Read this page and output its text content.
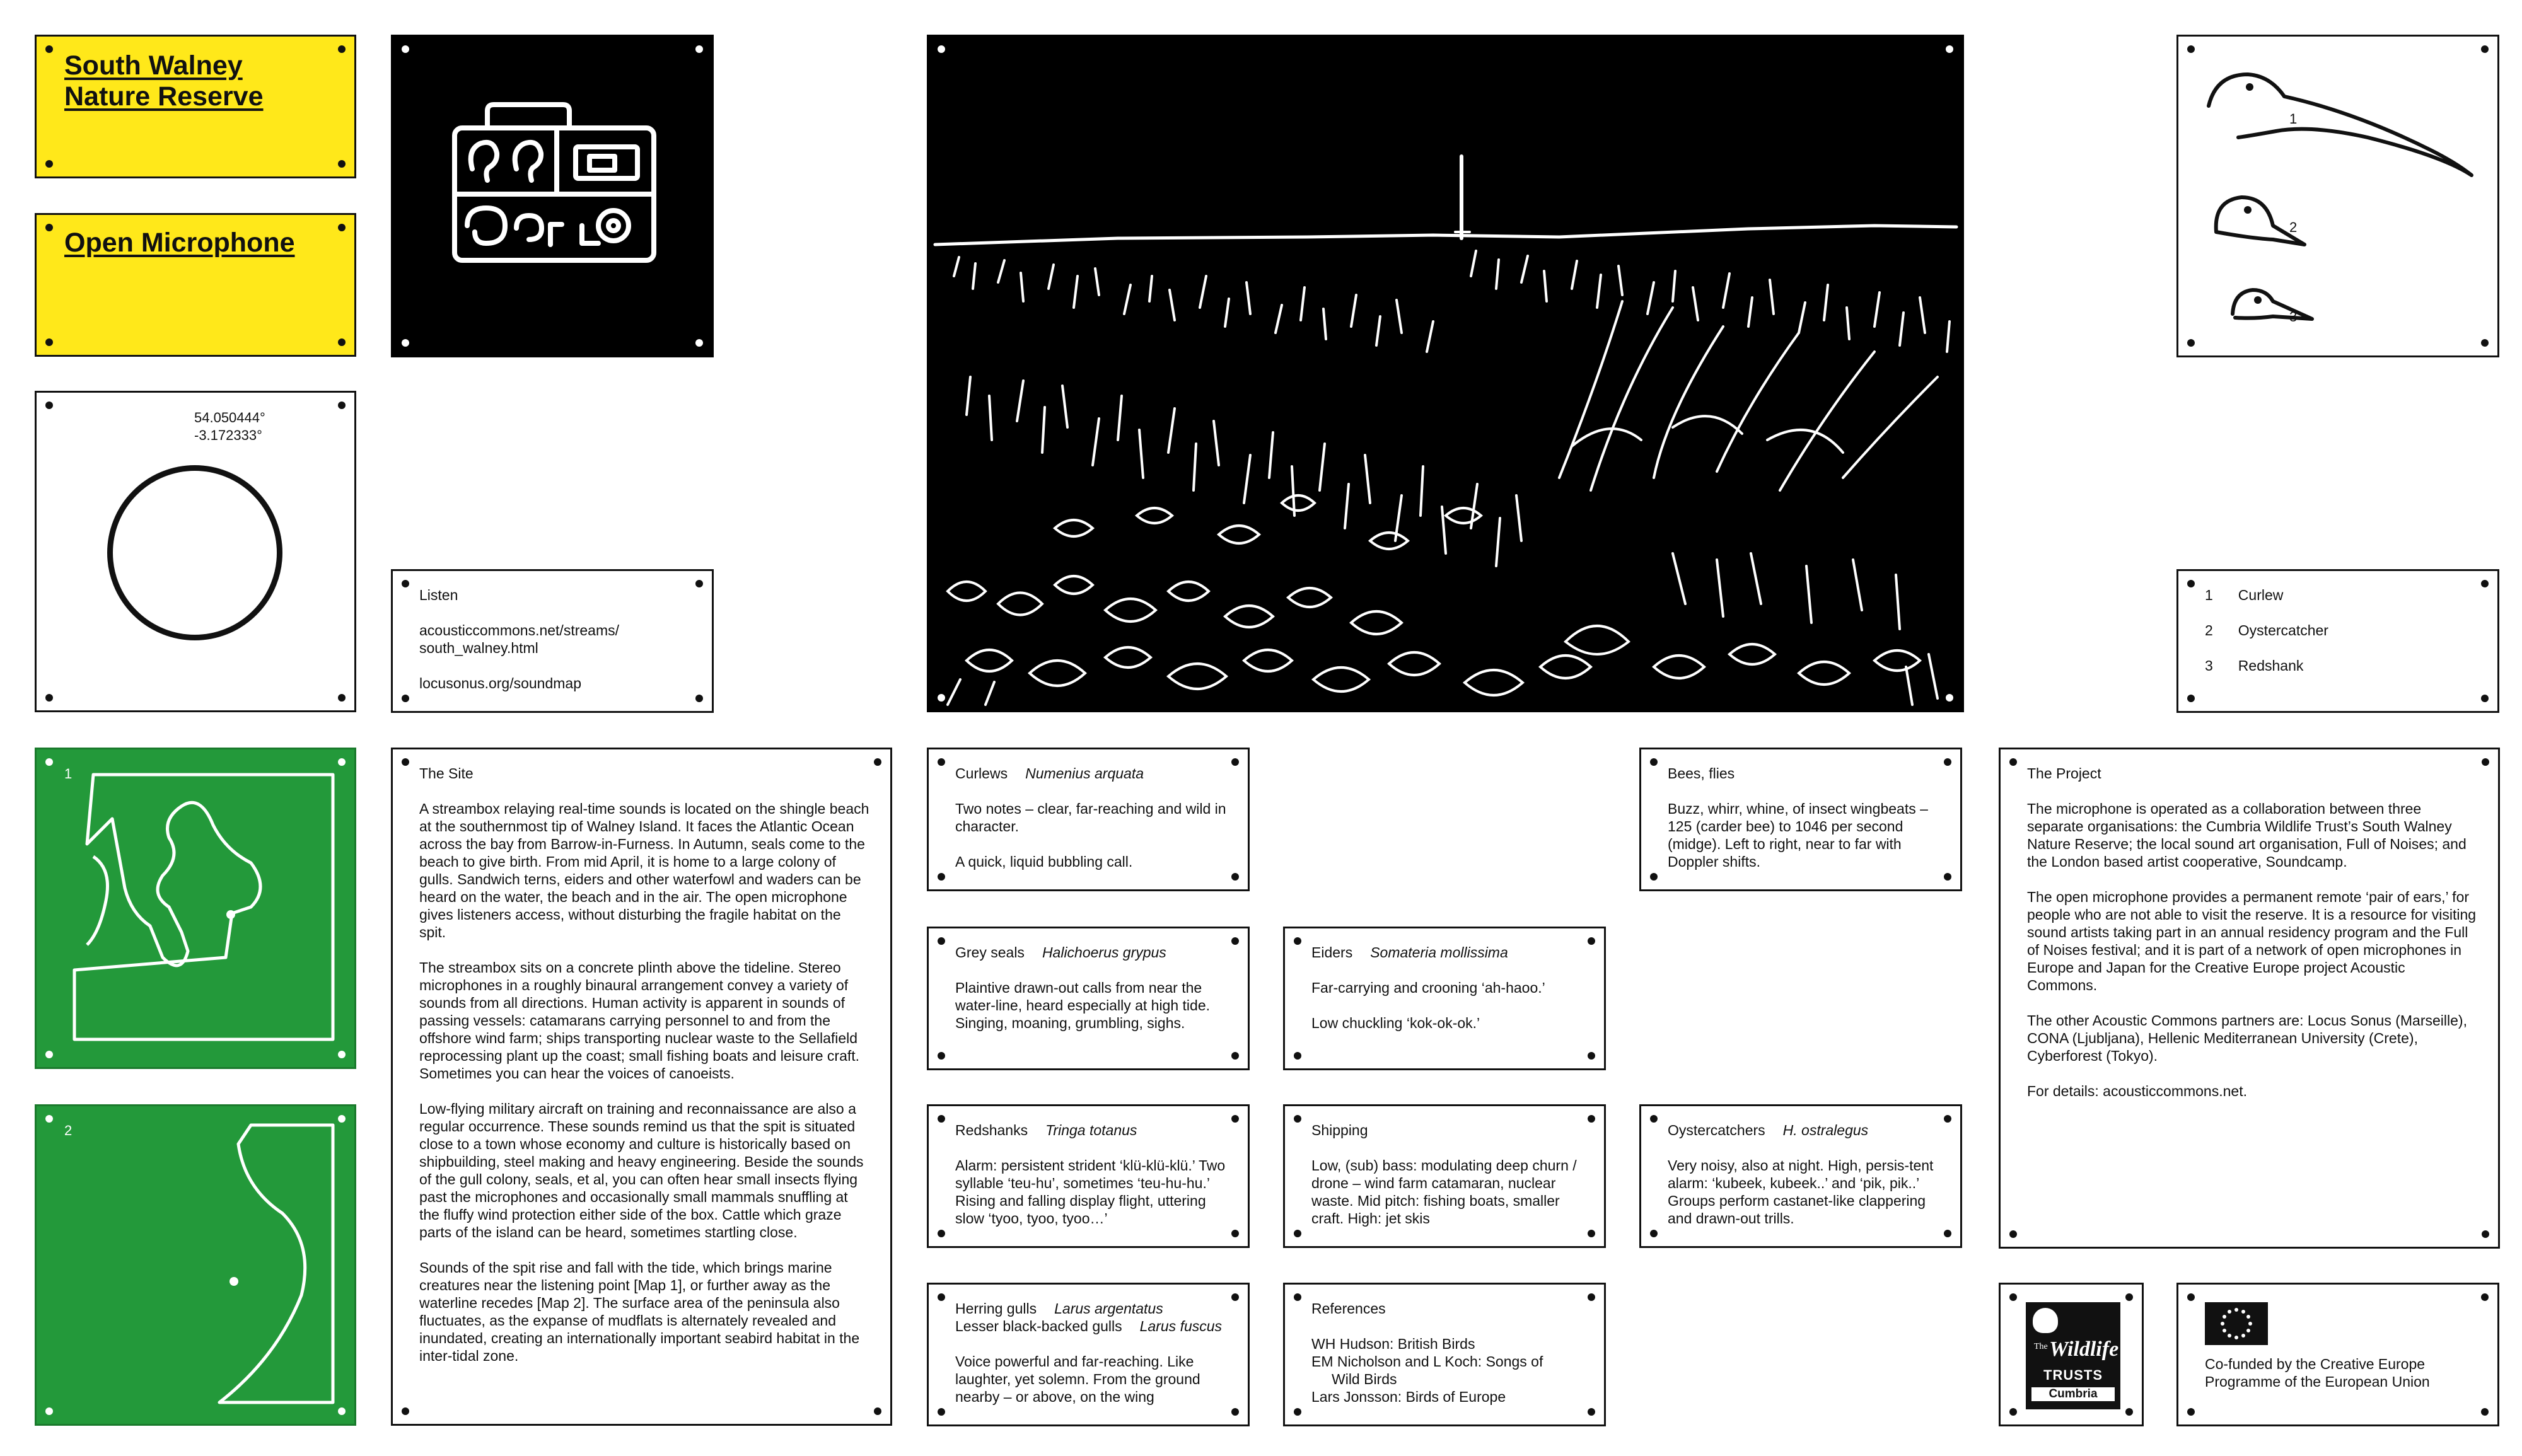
South Walney Nature Reserve
Open Microphone
54.050444°
-3.172333°

Listen

acousticcommons.net/streams/

south_walney.html

locusonus.org/soundmap

1
2
3
1 Curlew
2 Oystercatcher
3 Redshank
1
2

The Site

A streambox relaying real-time sounds is located on the shingle beach at the southernmost tip of Walney Island. It faces the Atlantic Ocean across the bay from Barrow-in-Furness. In Autumn, seals come to the beach to give birth. From mid April, it is home to a large colony of gulls. Sandwich terns, eiders and other waterfowl and waders can be heard on the water, the beach and in the air. The open microphone gives listeners access, without disturbing the fragile habitat on the spit.

The streambox sits on a concrete plinth above the tideline. Stereo microphones in a roughly binaural arrangement convey a variety of sounds from all directions. Human activity is apparent in sounds of passing vessels: catamarans carrying personnel to and from the offshore wind farm; ships transporting nuclear waste to the Sellafield reprocessing plant up the coast; small fishing boats and leisure craft. Sometimes you can hear the voices of canoeists.

Low-flying military aircraft on training and reconnaissance are also a regular occurrence. These sounds remind us that the spit is situated close to a town whose economy and culture is historically based on shipbuilding, steel making and heavy engineering. Beside the sounds of the gull colony, seals, et al, you can often hear small insects flying past the microphones and occasionally small mammals snuffling at the fluffy wind protection either side of the box. Cattle which graze parts of the island can be heard, sometimes startling close.

Sounds of the spit rise and fall with the tide, which brings marine creatures near the listening point [Map 1], or further away as the waterline recedes [Map 2]. The surface area of the peninsula also fluctuates, as the expanse of mudflats is alternately revealed and inundated, creating an internationally important seabird habitat in the inter-tidal zone.

Curlews Numenius arquata

Two notes – clear, far-reaching and wild in character.

A quick, liquid bubbling call.

Grey seals Halichoerus grypus

Plaintive drawn-out calls from near the water-line, heard especially at high tide. Singing, moaning, grumbling, sighs.

Redshanks Tringa totanus

Alarm: persistent strident ‘klü-klü-klü.’ Two syllable ‘teu-hu’, sometimes ‘teu-hu-hu.’ Rising and falling display flight, uttering slow ‘tyoo, tyoo, tyoo…’

Herring gulls Larus argentatus
Lesser black-backed gulls Larus fuscus

Voice powerful and far-reaching. Like laughter, yet solemn. From the ground nearby – or above, on the wing

Eiders Somateria mollissima

Far-carrying and crooning ‘ah-haoo.’

Low chuckling ‘kok-ok-ok.’

Shipping

Low, (sub) bass: modulating deep churn / drone – wind farm catamaran, nuclear waste. Mid pitch: fishing boats, smaller craft. High: jet skis

References

WH Hudson: British Birds

EM Nicholson and L Koch: Songs of

Wild Birds

Lars Jonsson: Birds of Europe

Bees, flies

Buzz, whirr, whine, of insect wingbeats – 125 (carder bee) to 1046 per second (midge). Left to right, near to far with Doppler shifts.

Oystercatchers H. ostralegus

Very noisy, also at night. High, persis-tent alarm: ‘kubeek, kubeek..’ and ‘pik, pik..’ Groups perform castanet-like clappering and drawn-out trills.

The Project

The microphone is operated as a collaboration between three separate organisations: the Cumbria Wildlife Trust’s South Walney Nature Reserve; the local sound art organisation, Full of Noises; and the London based artist cooperative, Soundcamp.

The open microphone provides a permanent remote ‘pair of ears,’ for people who are not able to visit the reserve. It is a resource for visiting sound artists taking part in an annual residency program and the Full of Noises festival; and it is part of a network of open microphones in Europe and Japan for the Creative Europe project Acoustic Commons.

The other Acoustic Commons partners are: Locus Sonus (Marseille), CONA (Ljubljana), Hellenic Mediterranean University (Crete), Cyberforest (Tokyo).

For details: acousticcommons.net.

The Wildlife
TRUSTS
Cumbria

Co-funded by the Creative Europe

Programme of the European Union
